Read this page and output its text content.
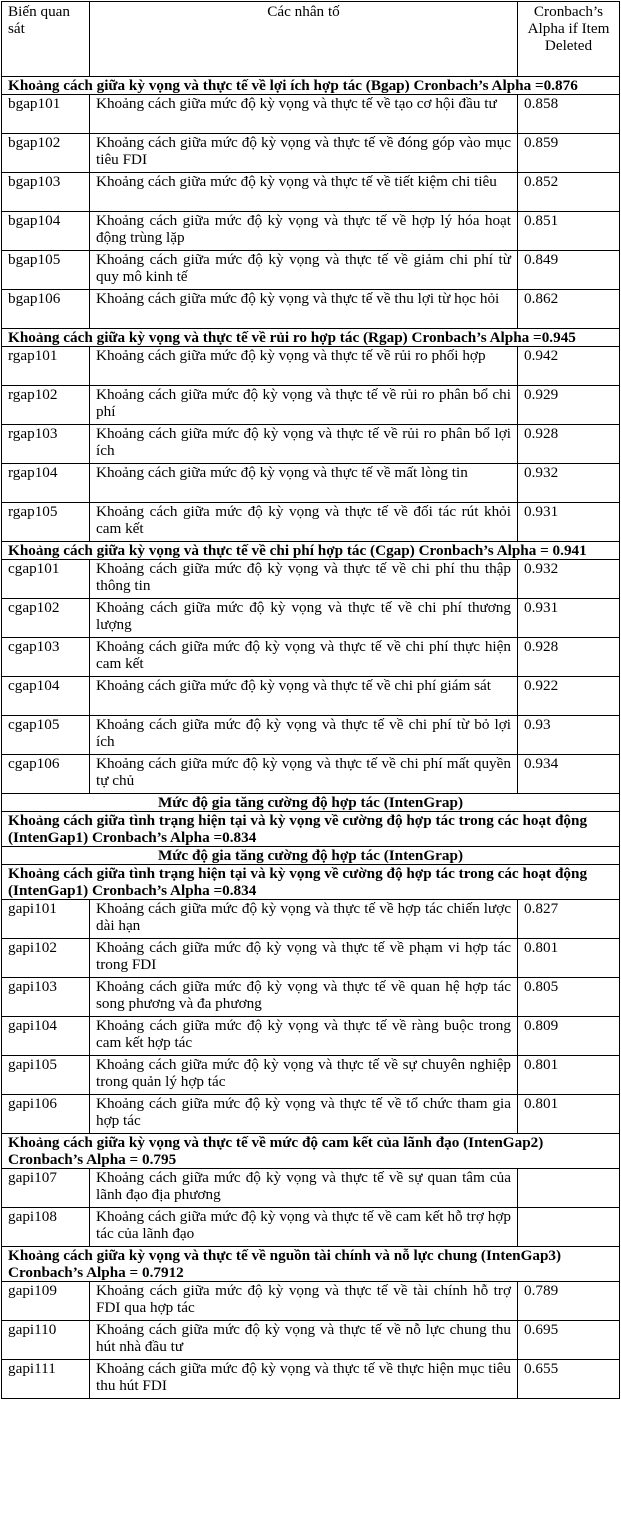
Biến quan sát	Các nhân tố	Cronbach’s Alpha if Item Deleted
Khoảng cách giữa kỳ vọng và thực tế về lợi ích hợp tác (Bgap) Cronbach’s Alpha =0.876		
bgap101	Khoảng cách giữa mức độ kỳ vọng và thực tế về tạo cơ hội đầu tư	0.858
bgap102	Khoảng cách giữa mức độ kỳ vọng và thực tế về đóng góp vào mục tiêu FDI	0.859
bgap103	Khoảng cách giữa mức độ kỳ vọng và thực tế về tiết kiệm chi tiêu	0.852
bgap104	Khoảng cách giữa mức độ kỳ vọng và thực tế về hợp lý hóa hoạt động trùng lặp	0.851
bgap105	Khoảng cách giữa mức độ kỳ vọng và thực tế về giảm chi phí từ quy mô kinh tế	0.849
bgap106	Khoảng cách giữa mức độ kỳ vọng và thực tế về thu lợi từ học hỏi	0.862
Khoảng cách giữa kỳ vọng và thực tế về rủi ro hợp tác (Rgap) Cronbach’s Alpha =0.945		
rgap101	Khoảng cách giữa mức độ kỳ vọng và thực tế về rủi ro phối hợp	0.942
rgap102	Khoảng cách giữa mức độ kỳ vọng và thực tế về rủi ro phân bổ chi phí	0.929
rgap103	Khoảng cách giữa mức độ kỳ vọng và thực tế về rủi ro phân bổ lợi ích	0.928
rgap104	Khoảng cách giữa mức độ kỳ vọng và thực tế về mất lòng tin	0.932
rgap105	Khoảng cách giữa mức độ kỳ vọng và thực tế về đối tác rút khỏi cam kết	0.931
Khoảng cách giữa kỳ vọng và thực tế về chi phí hợp tác (Cgap) Cronbach’s Alpha = 0.941		
cgap101	Khoảng cách giữa mức độ kỳ vọng và thực tế về chi phí thu thập thông tin	0.932
cgap102	Khoảng cách giữa mức độ kỳ vọng và thực tế về chi phí thương lượng	0.931
cgap103	Khoảng cách giữa mức độ kỳ vọng và thực tế về chi phí thực hiện cam kết	0.928
cgap104	Khoảng cách giữa mức độ kỳ vọng và thực tế về chi phí giám sát	0.922
cgap105	Khoảng cách giữa mức độ kỳ vọng và thực tế về chi phí từ bỏ lợi ích	0.93
cgap106	Khoảng cách giữa mức độ kỳ vọng và thực tế về chi phí mất quyền tự chủ	0.934
Mức độ gia tăng cường độ hợp tác (IntenGrap)		
Khoảng cách giữa tình trạng hiện tại và kỳ vọng về cường độ hợp tác trong các hoạt động (IntenGap1) Cronbach’s Alpha =0.834		
Mức độ gia tăng cường độ hợp tác (IntenGrap)		
Khoảng cách giữa tình trạng hiện tại và kỳ vọng về cường độ hợp tác trong các hoạt động (IntenGap1) Cronbach’s Alpha =0.834		
gapi101	Khoảng cách giữa mức độ kỳ vọng và thực tế về hợp tác chiến lược dài hạn	0.827
gapi102	Khoảng cách giữa mức độ kỳ vọng và thực tế về phạm vi hợp tác trong FDI	0.801
gapi103	Khoảng cách giữa mức độ kỳ vọng và thực tế về quan hệ hợp tác song phương và đa phương	0.805
gapi104	Khoảng cách giữa mức độ kỳ vọng và thực tế về ràng buộc trong cam kết hợp tác	0.809
gapi105	Khoảng cách giữa mức độ kỳ vọng và thực tế về sự chuyên nghiệp trong quản lý hợp tác	0.801
gapi106	Khoảng cách giữa mức độ kỳ vọng và thực tế về tổ chức tham gia hợp tác	0.801
Khoảng cách giữa kỳ vọng và thực tế về mức độ cam kết của lãnh đạo (IntenGap2) Cronbach’s Alpha = 0.795		
gapi107	Khoảng cách giữa mức độ kỳ vọng và thực tế về sự quan tâm của lãnh đạo địa phương	
gapi108	Khoảng cách giữa mức độ kỳ vọng và thực tế về cam kết hỗ trợ hợp tác của lãnh đạo	
Khoảng cách giữa kỳ vọng và thực tế về nguồn tài chính và nỗ lực chung (IntenGap3) Cronbach’s Alpha = 0.7912		
gapi109	Khoảng cách giữa mức độ kỳ vọng và thực tế về tài chính hỗ trợ FDI qua hợp tác	0.789
gapi110	Khoảng cách giữa mức độ kỳ vọng và thực tế về nỗ lực chung thu hút nhà đầu tư	0.695
gapi111	Khoảng cách giữa mức độ kỳ vọng và thực tế về thực hiện mục tiêu thu hút FDI	0.655
